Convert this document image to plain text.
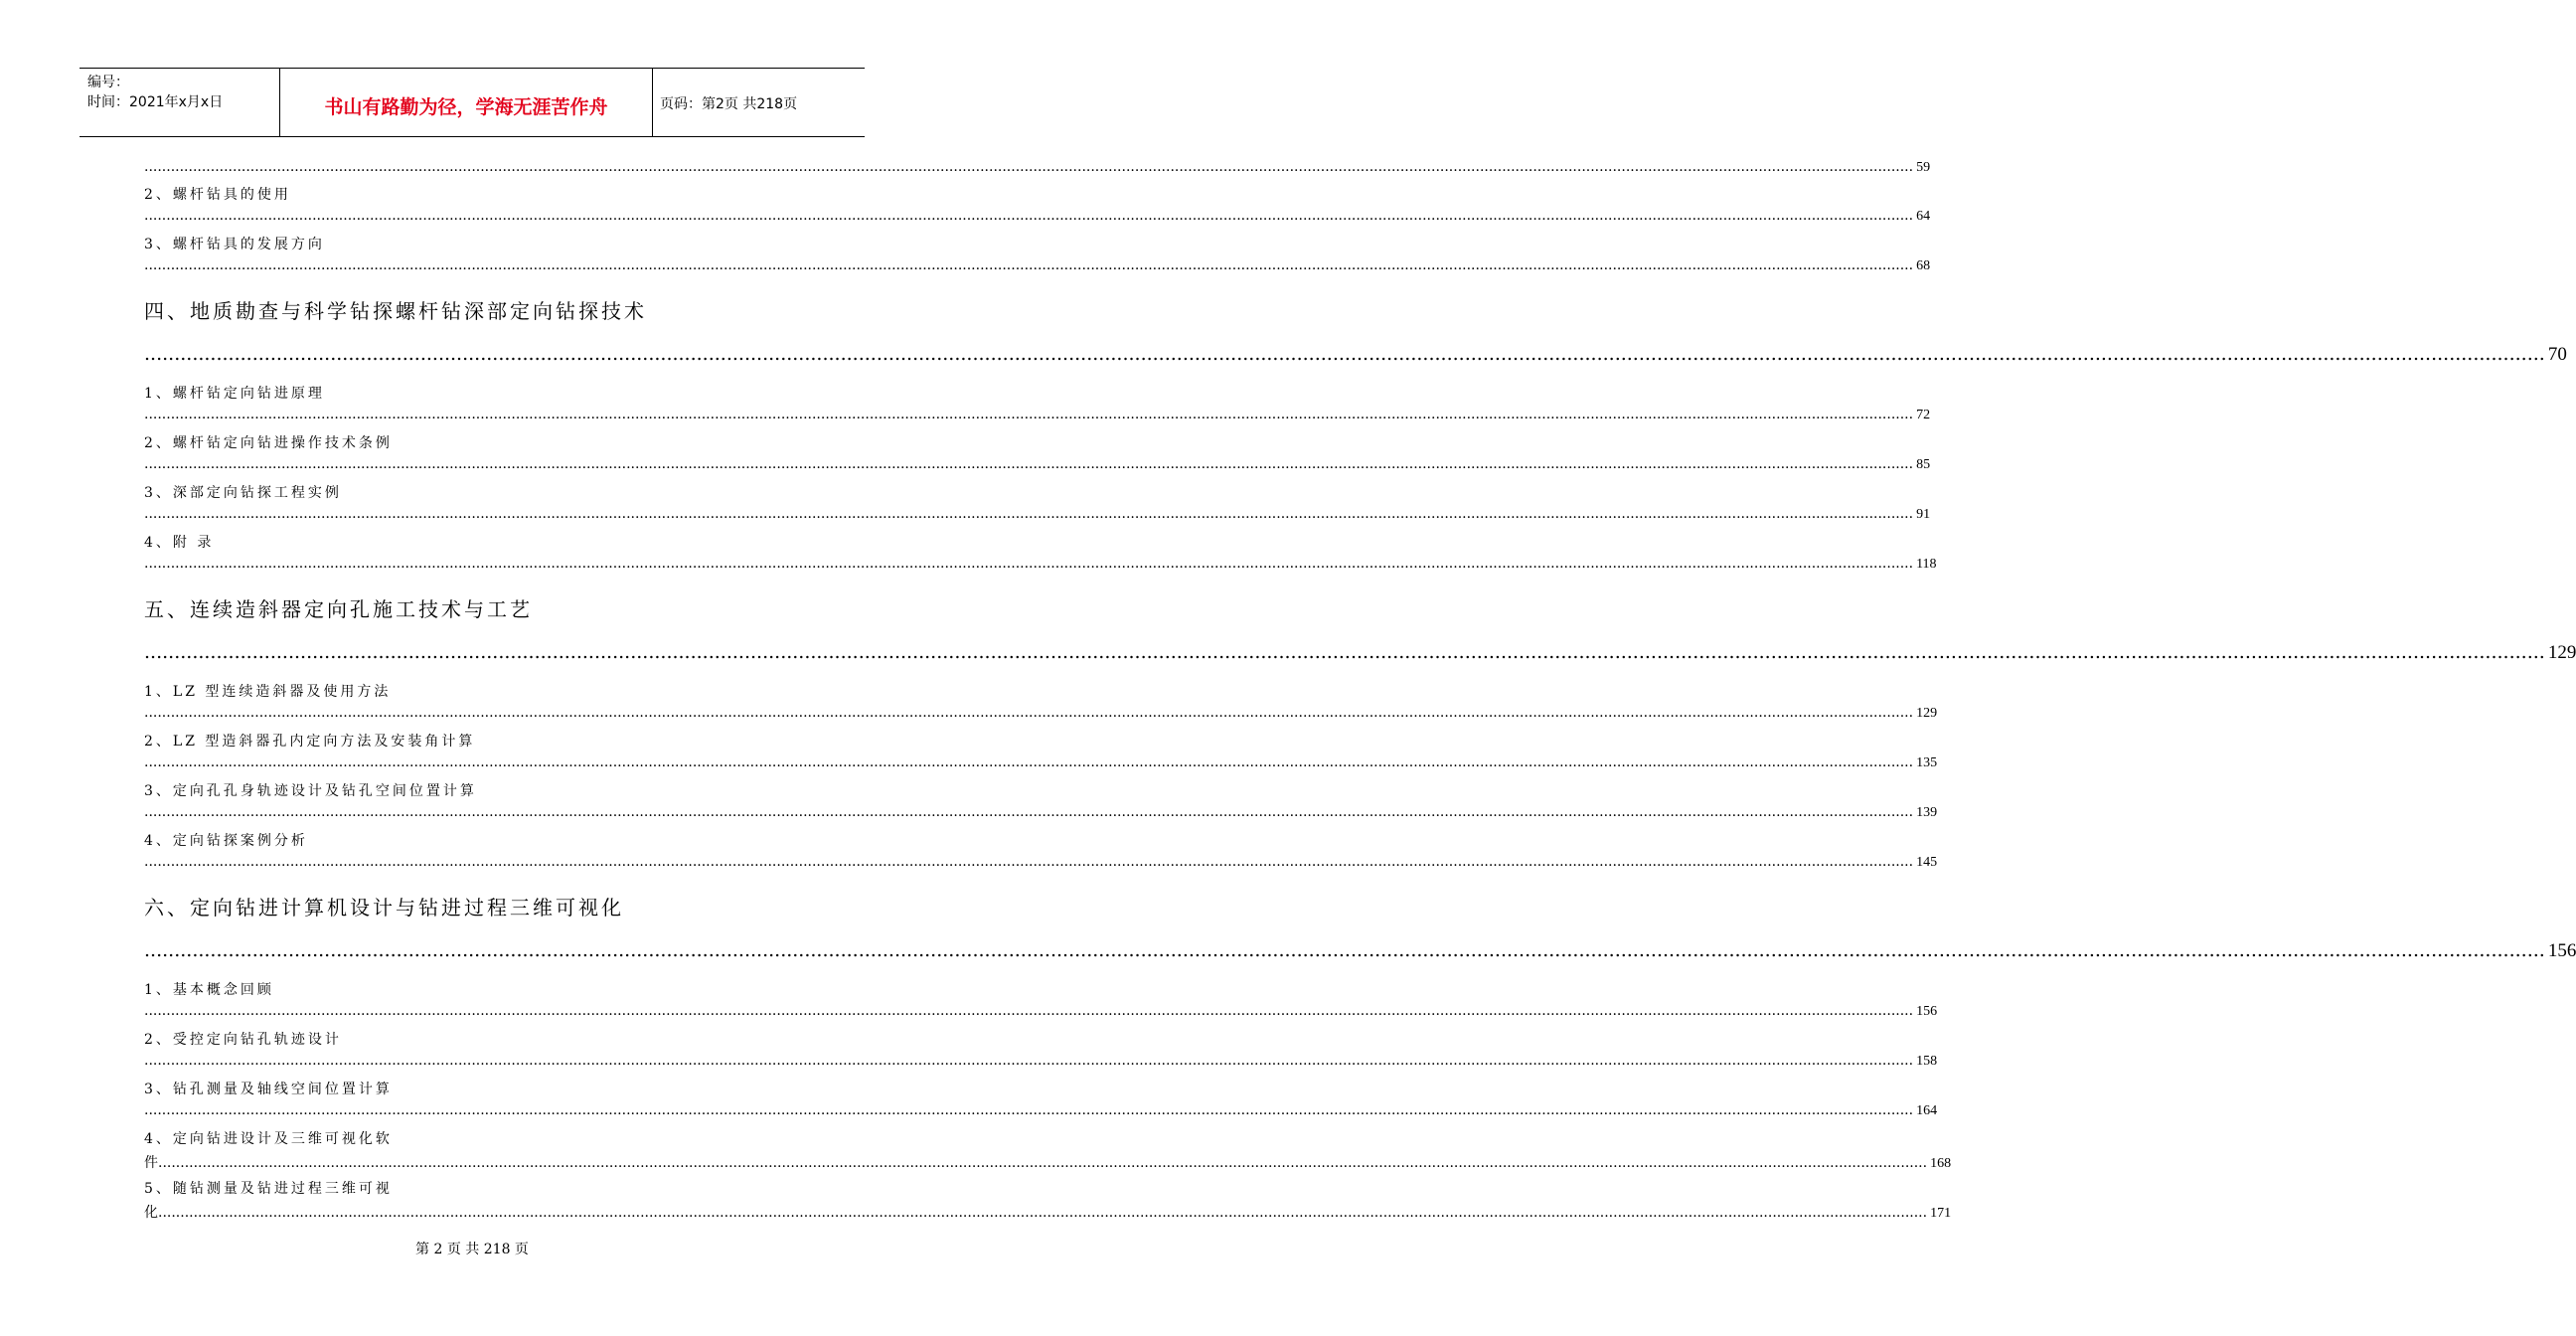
编号：
时间：2021年x月x日	书山有路勤为径，学海无涯苦作舟	页码：第2页 共218页
................................................................................................................................................................................................................................................................................................................................................................................................................ 59
2、螺杆钻具的使用
................................................................................................................................................................................................................................................................................................................................................................................................................ 64
3、螺杆钻具的发展方向
................................................................................................................................................................................................................................................................................................................................................................................................................ 68
四、地质勘查与科学钻探螺杆钻深部定向钻探技术
................................................................................................................................................................................................................................................................................................................................................................................................................ 70
1、螺杆钻定向钻进原理
................................................................................................................................................................................................................................................................................................................................................................................................................ 72
2、螺杆钻定向钻进操作技术条例
................................................................................................................................................................................................................................................................................................................................................................................................................ 85
3、深部定向钻探工程实例
................................................................................................................................................................................................................................................................................................................................................................................................................ 91
4、附 录
................................................................................................................................................................................................................................................................................................................................................................................................................ 118
五、连续造斜器定向孔施工技术与工艺
................................................................................................................................................................................................................................................................................................................................................................................................................ 129
1、LZ 型连续造斜器及使用方法
................................................................................................................................................................................................................................................................................................................................................................................................................ 129
2、LZ 型造斜器孔内定向方法及安装角计算
................................................................................................................................................................................................................................................................................................................................................................................................................ 135
3、定向孔孔身轨迹设计及钻孔空间位置计算
................................................................................................................................................................................................................................................................................................................................................................................................................ 139
4、定向钻探案例分析
................................................................................................................................................................................................................................................................................................................................................................................................................ 145
六、定向钻进计算机设计与钻进过程三维可视化
................................................................................................................................................................................................................................................................................................................................................................................................................ 156
1、基本概念回顾
................................................................................................................................................................................................................................................................................................................................................................................................................ 156
2、受控定向钻孔轨迹设计
................................................................................................................................................................................................................................................................................................................................................................................................................ 158
3、钻孔测量及轴线空间位置计算
................................................................................................................................................................................................................................................................................................................................................................................................................ 164
4、定向钻进设计及三维可视化软
件 ................................................................................................................................................................................................................................................................................................................................................................................................................ 168
5、随钻测量及钻进过程三维可视
化 ................................................................................................................................................................................................................................................................................................................................................................................................................ 171
第 2 页 共 218 页
